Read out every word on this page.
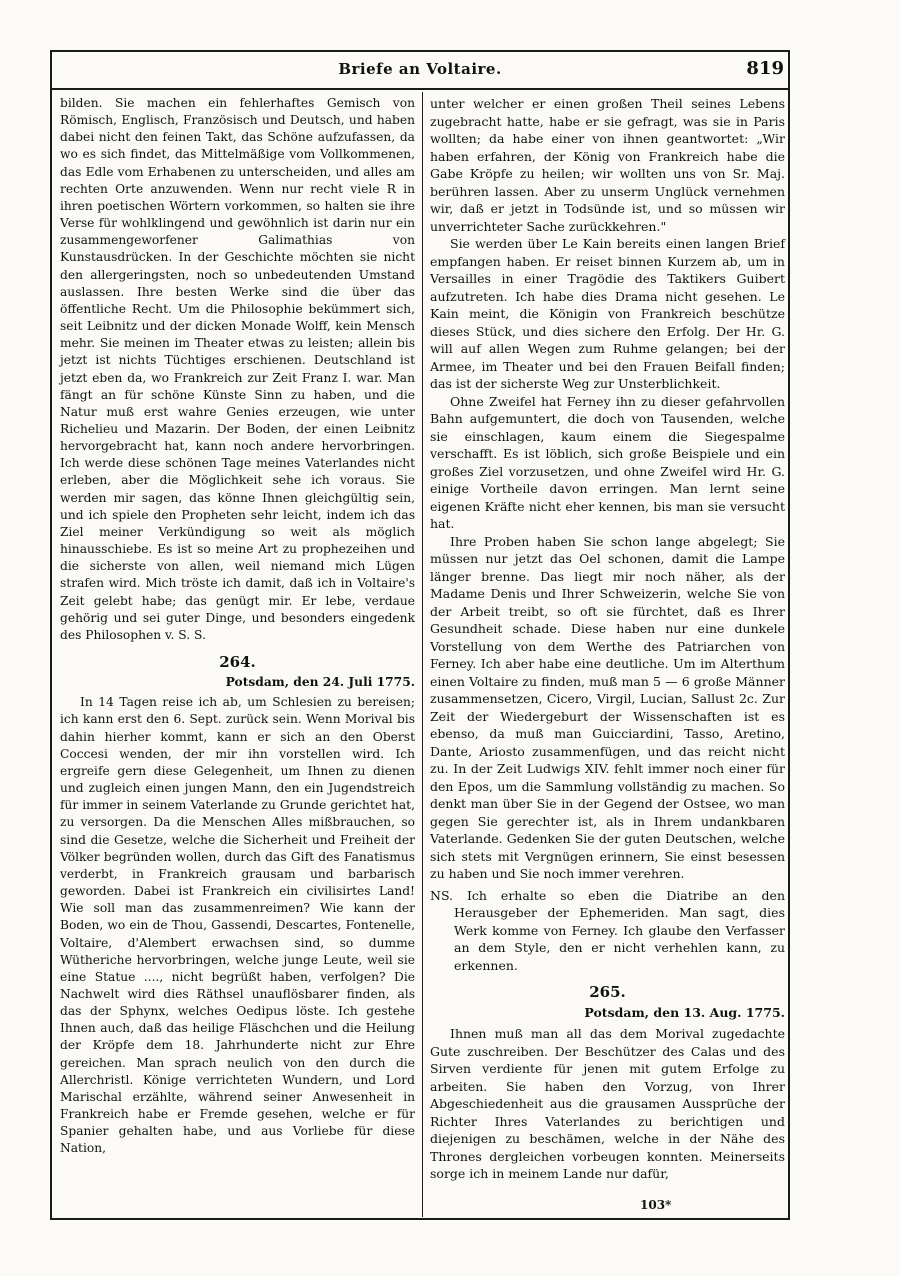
Briefe an Voltaire.	819

bilden. Sie machen ein fehlerhaftes Gemisch von Römisch, Englisch, Französisch und Deutsch, und haben dabei nicht den feinen Takt, das Schöne aufzufassen, da wo es sich findet, das Mittelmäßige vom Vollkommenen, das Edle vom Erhabenen zu unterscheiden, und alles am rechten Orte anzuwenden. Wenn nur recht viele R in ihren poetischen Wörtern vorkommen, so halten sie ihre Verse für wohlklingend und gewöhnlich ist darin nur ein zusammengeworfener Galimathias von Kunstausdrücken. In der Geschichte möchten sie nicht den allergeringsten, noch so unbedeutenden Umstand auslassen. Ihre besten Werke sind die über das öffentliche Recht. Um die Philosophie bekümmert sich, seit Leibnitz und der dicken Monade Wolff, kein Mensch mehr. Sie meinen im Theater etwas zu leisten; allein bis jetzt ist nichts Tüchtiges erschienen. Deutschland ist jetzt eben da, wo Frankreich zur Zeit Franz I. war. Man fängt an für schöne Künste Sinn zu haben, und die Natur muß erst wahre Genies erzeugen, wie unter Richelieu und Mazarin. Der Boden, der einen Leibnitz hervorgebracht hat, kann noch andere hervorbringen. Ich werde diese schönen Tage meines Vaterlandes nicht erleben, aber die Möglichkeit sehe ich voraus. Sie werden mir sagen, das könne Ihnen gleichgültig sein, und ich spiele den Propheten sehr leicht, indem ich das Ziel meiner Verkündigung so weit als möglich hinausschiebe. Es ist so meine Art zu prophezeihen und die sicherste von allen, weil niemand mich Lügen strafen wird. Mich tröste ich damit, daß ich in Voltaire's Zeit gelebt habe; das genügt mir. Er lebe, verdaue gehörig und sei guter Dinge, und besonders eingedenk des Philosophen v. S. S.

264.

Potsdam, den 24. Juli 1775.

In 14 Tagen reise ich ab, um Schlesien zu bereisen; ich kann erst den 6. Sept. zurück sein. Wenn Morival bis dahin hierher kommt, kann er sich an den Oberst Coccesi wenden, der mir ihn vorstellen wird. Ich ergreife gern diese Gelegenheit, um Ihnen zu dienen und zugleich einen jungen Mann, den ein Jugendstreich für immer in seinem Vaterlande zu Grunde gerichtet hat, zu versorgen. Da die Menschen Alles mißbrauchen, so sind die Gesetze, welche die Sicherheit und Freiheit der Völker begründen wollen, durch das Gift des Fanatismus verderbt, in Frankreich grausam und barbarisch geworden. Dabei ist Frankreich ein civilisirtes Land! Wie soll man das zusammenreimen? Wie kann der Boden, wo ein de Thou, Gassendi, Descartes, Fontenelle, Voltaire, d'Alembert erwachsen sind, so dumme Wütheriche hervorbringen, welche junge Leute, weil sie eine Statue ...., nicht begrüßt haben, verfolgen? Die Nachwelt wird dies Räthsel unauflösbarer finden, als das der Sphynx, welches Oedipus löste. Ich gestehe Ihnen auch, daß das heilige Fläschchen und die Heilung der Kröpfe dem 18. Jahrhunderte nicht zur Ehre gereichen. Man sprach neulich von den durch die Allerchristl. Könige verrichteten Wundern, und Lord Marischal erzählte, während seiner Anwesenheit in Frankreich habe er Fremde gesehen, welche er für Spanier gehalten habe, und aus Vorliebe für diese Nation,

unter welcher er einen großen Theil seines Lebens zugebracht hatte, habe er sie gefragt, was sie in Paris wollten; da habe einer von ihnen geantwortet: „Wir haben erfahren, der König von Frankreich habe die Gabe Kröpfe zu heilen; wir wollten uns von Sr. Maj. berühren lassen. Aber zu unserm Unglück vernehmen wir, daß er jetzt in Todsünde ist, und so müssen wir unverrichteter Sache zurückkehren."

Sie werden über Le Kain bereits einen langen Brief empfangen haben. Er reiset binnen Kurzem ab, um in Versailles in einer Tragödie des Taktikers Guibert aufzutreten. Ich habe dies Drama nicht gesehen. Le Kain meint, die Königin von Frankreich beschütze dieses Stück, und dies sichere den Erfolg. Der Hr. G. will auf allen Wegen zum Ruhme gelangen; bei der Armee, im Theater und bei den Frauen Beifall finden; das ist der sicherste Weg zur Unsterblichkeit.

Ohne Zweifel hat Ferney ihn zu dieser gefahrvollen Bahn aufgemuntert, die doch von Tausenden, welche sie einschlagen, kaum einem die Siegespalme verschafft. Es ist löblich, sich große Beispiele und ein großes Ziel vorzusetzen, und ohne Zweifel wird Hr. G. einige Vortheile davon erringen. Man lernt seine eigenen Kräfte nicht eher kennen, bis man sie versucht hat.

Ihre Proben haben Sie schon lange abgelegt; Sie müssen nur jetzt das Oel schonen, damit die Lampe länger brenne. Das liegt mir noch näher, als der Madame Denis und Ihrer Schweizerin, welche Sie von der Arbeit treibt, so oft sie fürchtet, daß es Ihrer Gesundheit schade. Diese haben nur eine dunkele Vorstellung von dem Werthe des Patriarchen von Ferney. Ich aber habe eine deutliche. Um im Alterthum einen Voltaire zu finden, muß man 5 — 6 große Männer zusammensetzen, Cicero, Virgil, Lucian, Sallust 2c. Zur Zeit der Wiedergeburt der Wissenschaften ist es ebenso, da muß man Guicciardini, Tasso, Aretino, Dante, Ariosto zusammenfügen, und das reicht nicht zu. In der Zeit Ludwigs XIV. fehlt immer noch einer für den Epos, um die Sammlung vollständig zu machen. So denkt man über Sie in der Gegend der Ostsee, wo man gegen Sie gerechter ist, als in Ihrem undankbaren Vaterlande. Gedenken Sie der guten Deutschen, welche sich stets mit Vergnügen erinnern, Sie einst besessen zu haben und Sie noch immer verehren.

NS. Ich erhalte so eben die Diatribe an den Herausgeber der Ephemeriden. Man sagt, dies Werk komme von Ferney. Ich glaube den Verfasser an dem Style, den er nicht verhehlen kann, zu erkennen.

265.

Potsdam, den 13. Aug. 1775.

Ihnen muß man all das dem Morival zugedachte Gute zuschreiben. Der Beschützer des Calas und des Sirven verdiente für jenen mit gutem Erfolge zu arbeiten. Sie haben den Vorzug, von Ihrer Abgeschiedenheit aus die grausamen Aussprüche der Richter Ihres Vaterlandes zu berichtigen und diejenigen zu beschämen, welche in der Nähe des Thrones dergleichen vorbeugen konnten. Meinerseits sorge ich in meinem Lande nur dafür,

103*
